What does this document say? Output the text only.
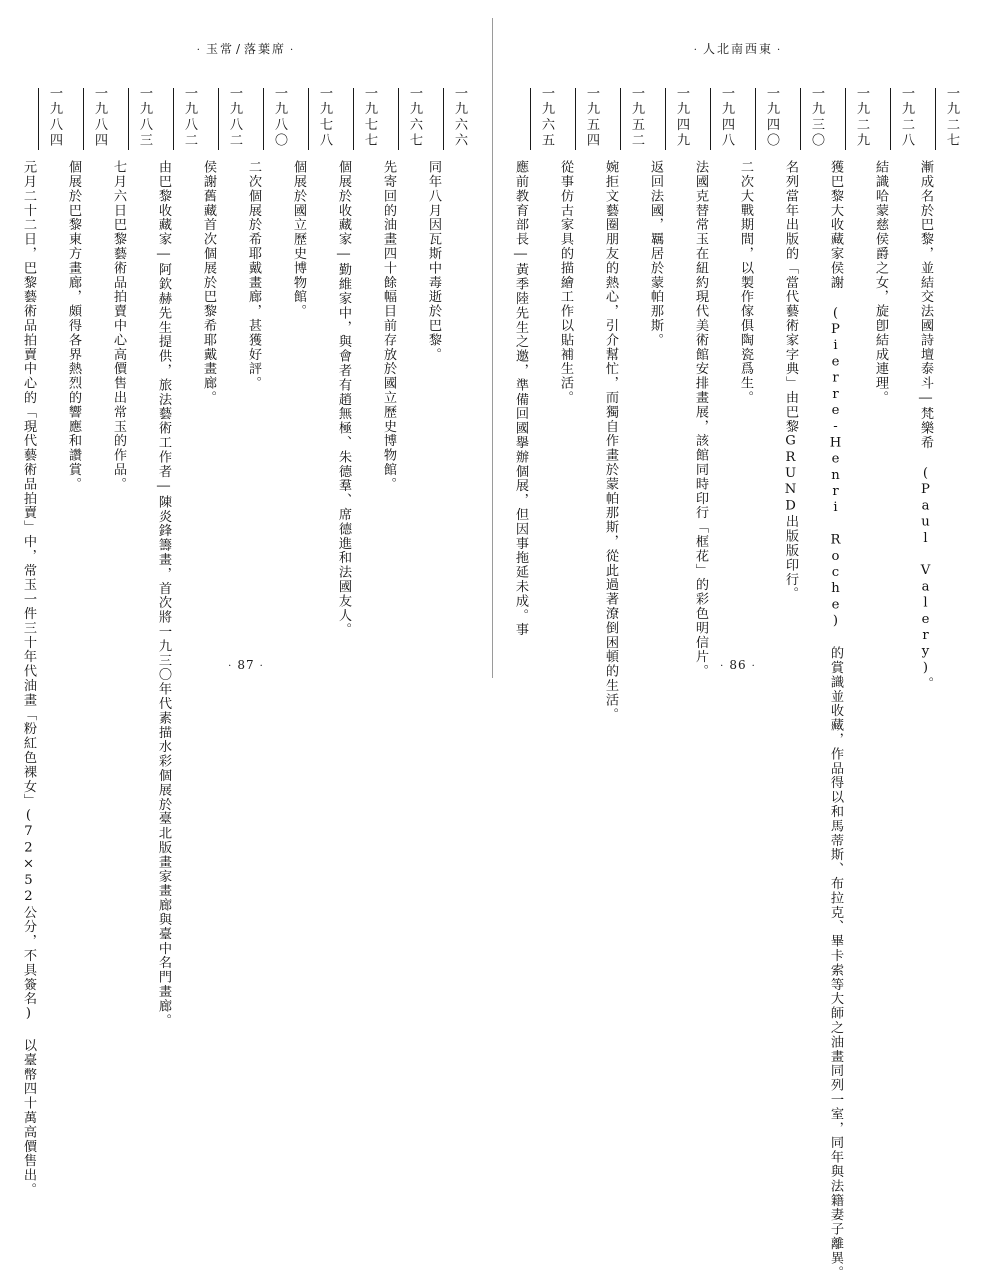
· 玉常 / 落葉席 ·
一九六六
同年八月因瓦斯中毒逝於巴黎。
一九六七
先寄回的油畫四十餘幅目前存放於國立歷史博物館。
一九七七
個展於收藏家―勤維家中，與會者有趙無極、朱德羣、席德進和法國友人。
一九七八
個展於國立歷史博物館。
一九八〇
二次個展於希耶戴畫廊，甚獲好評。
一九八二
侯謝舊藏首次個展於巴黎希耶戴畫廊。
一九八二
由巴黎收藏家―阿欽赫先生提供，旅法藝術工作者―陳炎鋒籌畫，首次將一九三〇年代素描水彩個展於臺北版畫家畫廊與臺中名門畫廊。
一九八三
七月六日巴黎藝術品拍賣中心高價售出常玉的作品。
一九八四
個展於巴黎東方畫廊，頗得各界熱烈的響應和讚賞。
一九八四
元月二十二日，巴黎藝術品拍賣中心的「現代藝術品拍賣」中，常玉一件三十年代油畫「粉紅色裸女」(72×52公分，不具簽名) 以臺幣四十萬高價售出。	· 87 ·
· 人北南西東 ·
一九二七
漸成名於巴黎，並結交法國詩壇泰斗―梵樂希 (Paul Valery)。
一九二八
結識哈蒙慈侯爵之女，旋卽結成連理。
一九二九
獲巴黎大收藏家侯謝 (Pierre-Henri Roche) 的賞識並收藏，作品得以和馬蒂斯、布拉克、畢卡索等大師之油畫同列一室，同年與法籍妻子離異。
一九三〇
名列當年出版的「當代藝術家字典」由巴黎GRUND出版版印行。
一九四〇
二次大戰期間，以製作傢俱陶瓷爲生。
一九四八
法國克替常玉在紐約現代美術館安排畫展，該館同時印行「框花」的彩色明信片。
一九四九
返回法國，羈居於蒙帕那斯。
一九五二
婉拒文藝圈朋友的熱心，引介幫忙，而獨自作畫於蒙帕那斯，從此過著潦倒困頓的生活。
一九五四
從事仿古家具的描繪工作以貼補生活。
一九六五
應前教育部長―黃季陸先生之邀，準備回國擧辦個展，但因事拖延未成。事
· 86 ·
